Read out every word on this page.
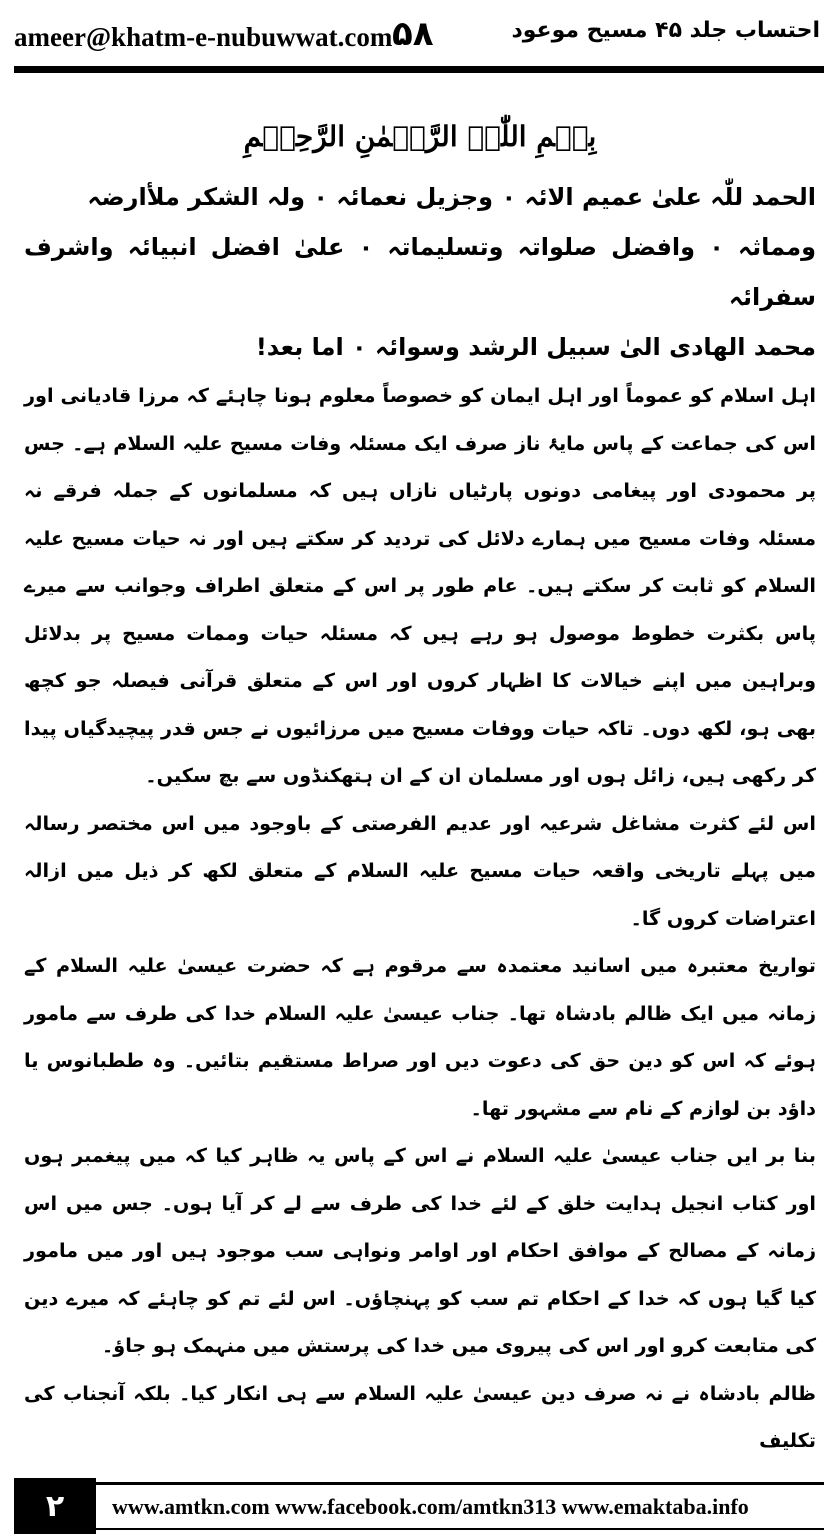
ameer@khatm-e-nubuwwat.com ۵۸	احتساب جلد ۴۵ مسیح موعود
بِسۡمِ اللّٰہِ الرَّحۡمٰنِ الرَّحِیۡمِ

الحمد للّٰہ علیٰ عمیم الائہ ۰ وجزیل نعمائہ ۰ ولہ الشکر ملأارضہ

ومماثہ ۰ وافضل صلواتہ وتسلیماتہ ۰ علیٰ افضل انبیائہ واشرف سفرائہ

محمد الهادی الیٰ سبیل الرشد وسوائہ ۰ اما بعد!

اہل اسلام کو عموماً اور اہل ایمان کو خصوصاً معلوم ہونا چاہئے کہ مرزا قادیانی اور اس کی جماعت کے پاس مایۂ ناز صرف ایک مسئلہ وفات مسیح علیہ السلام ہے۔ جس پر محمودی اور پیغامی دونوں پارٹیاں نازاں ہیں کہ مسلمانوں کے جملہ فرقے نہ مسئلہ وفات مسیح میں ہمارے دلائل کی تردید کر سکتے ہیں اور نہ حیات مسیح علیہ السلام کو ثابت کر سکتے ہیں۔ عام طور پر اس کے متعلق اطراف وجوانب سے میرے پاس بکثرت خطوط موصول ہو رہے ہیں کہ مسئلہ حیات وممات مسیح پر بدلائل وبراہین میں اپنے خیالات کا اظہار کروں اور اس کے متعلق قرآنی فیصلہ جو کچھ بھی ہو، لکھ دوں۔ تاکہ حیات ووفات مسیح میں مرزائیوں نے جس قدر پیچیدگیاں پیدا کر رکھی ہیں، زائل ہوں اور مسلمان ان کے ان ہتھکنڈوں سے بچ سکیں۔

اس لئے کثرت مشاغل شرعیہ اور عدیم الفرصتی کے باوجود میں اس مختصر رسالہ میں پہلے تاریخی واقعہ حیات مسیح علیہ السلام کے متعلق لکھ کر ذیل میں ازالہ اعتراضات کروں گا۔

تواریخ معتبرہ میں اسانید معتمدہ سے مرقوم ہے کہ حضرت عیسیٰ علیہ السلام کے زمانہ میں ایک ظالم بادشاہ تھا۔ جناب عیسیٰ علیہ السلام خدا کی طرف سے مامور ہوئے کہ اس کو دین حق کی دعوت دیں اور صراط مستقیم بتائیں۔ وہ ططبانوس یا داؤد بن لوازم کے نام سے مشہور تھا۔

بنا بر ایں جناب عیسیٰ علیہ السلام نے اس کے پاس یہ ظاہر کیا کہ میں پیغمبر ہوں اور کتاب انجیل ہدایت خلق کے لئے خدا کی طرف سے لے کر آیا ہوں۔ جس میں اس زمانہ کے مصالح کے موافق احکام اور اوامر ونواہی سب موجود ہیں اور میں مامور کیا گیا ہوں کہ خدا کے احکام تم سب کو پہنچاؤں۔ اس لئے تم کو چاہئے کہ میرے دین کی متابعت کرو اور اس کی پیروی میں خدا کی پرستش میں منہمک ہو جاؤ۔

ظالم بادشاہ نے نہ صرف دین عیسیٰ علیہ السلام سے ہی انکار کیا۔ بلکہ آنجناب کی تکلیف

۲	www.amtkn.com www.facebook.com/amtkn313 www.emaktaba.info
